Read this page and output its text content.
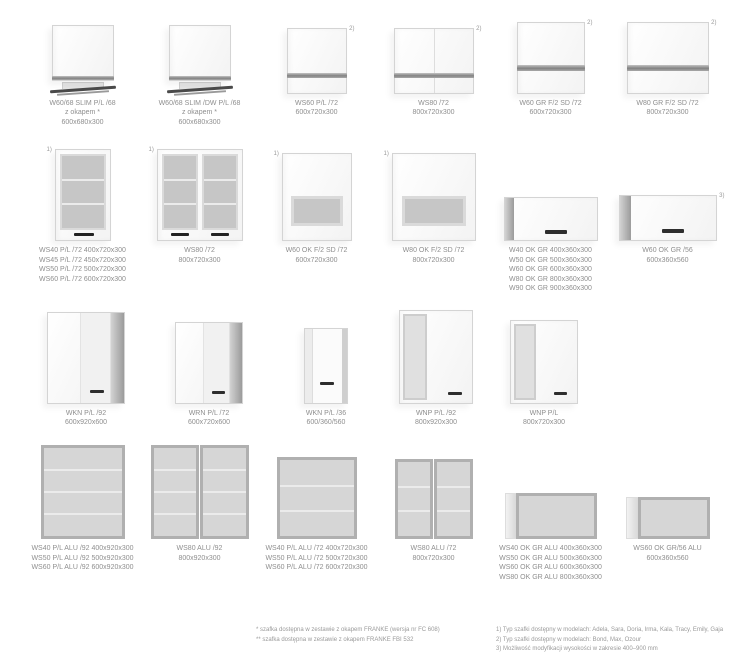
W60/68 SLIM P/L /68
z okapem *
600x680x300
W60/68 SLIM /DW P/L /68
z okapem *
600x680x300
2)
WS60 P/L /72
600x720x300
2)
WS80 /72
800x720x300
2)
W60 GR F/2 SD /72
600x720x300
2)
W80 GR F/2 SD /72
800x720x300
1)
WS40 P/L /72 400x720x300
WS45 P/L /72 450x720x300
WS50 P/L /72 500x720x300
WS60 P/L /72 600x720x300
1)
WS80 /72
800x720x300
1)
W60 OK F/2 SD /72
600x720x300
1)
W80 OK F/2 SD /72
800x720x300
W40 OK GR 400x360x300
W50 OK GR 500x360x300
W60 OK GR 600x360x300
W80 OK GR 800x360x300
W90 OK GR 900x360x300
3)
W60 OK GR /56
600x360x560
WKN P/L /92
600x920x600
WRN P/L /72
600x720x600
WKN P/L /36
600/360/560
WNP P/L /92
800x920x300
WNP P/L
800x720x300
WS40 P/L ALU /92 400x920x300
WS50 P/L ALU /92 500x920x300
WS60 P/L ALU /92 600x920x300
WS80 ALU /92
800x920x300
WS40 P/L ALU /72 400x720x300
WS50 P/L ALU /72 500x720x300
WS60 P/L ALU /72 600x720x300
WS80 ALU /72
800x720x300
WS40 OK GR ALU 400x360x300
WS50 OK GR ALU 500x360x300
WS60 OK GR ALU 600x360x300
WS80 OK GR ALU 800x360x300
WS60 OK GR/56 ALU
600x360x560
* szafka dostępna w zestawie z okapem FRANKE (wersja nr FC 608)
** szafka dostępna w zestawie z okapem FRANKE FBI 532
1) Typ szafki dostępny w modelach: Adela, Sara, Doria, Irma, Kala, Tracy, Emily, Gaja
2) Typ szafki dostępny w modelach: Bond, Max, Ozour
3) Możliwość modyfikacji wysokości w zakresie 400–900 mm
